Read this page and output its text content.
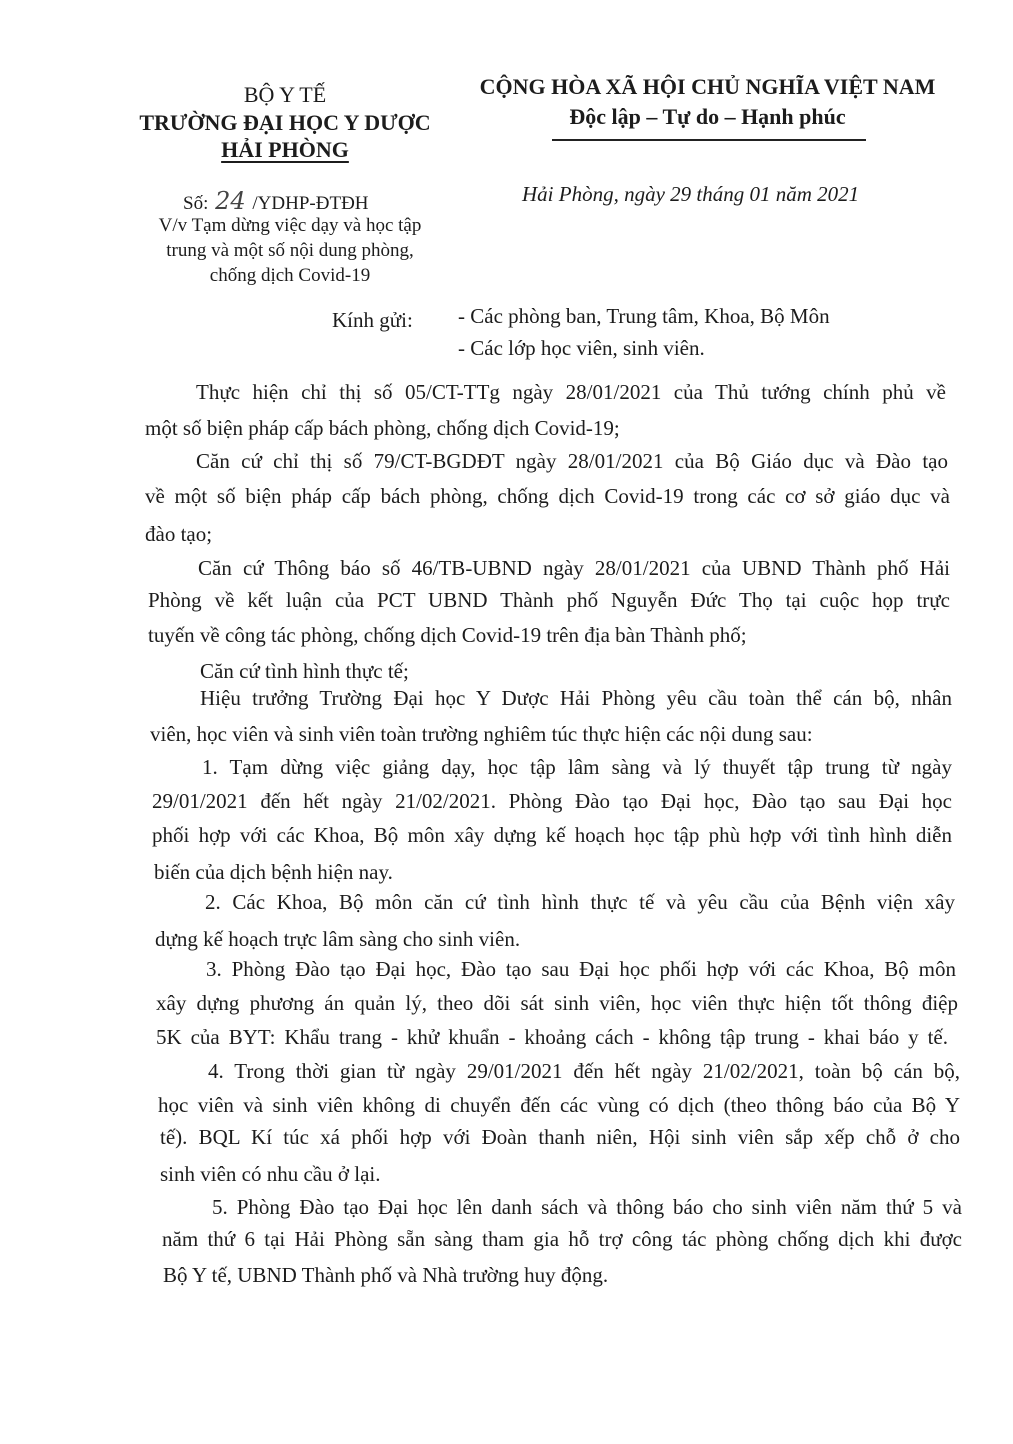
BỘ Y TẾ
TRƯỜNG ĐẠI HỌC Y DƯỢC
HẢI PHÒNG
Số: 24 /YDHP-ĐTĐH
V/v Tạm dừng việc dạy và học tập
trung và một số nội dung phòng,
chống dịch Covid-19
CỘNG HÒA XÃ HỘI CHỦ NGHĨA VIỆT NAM
Độc lập – Tự do – Hạnh phúc
Hải Phòng, ngày 29 tháng 01 năm 2021
Kính gửi: - Các phòng ban, Trung tâm, Khoa, Bộ Môn
- Các lớp học viên, sinh viên.
Thực hiện chỉ thị số 05/CT-TTg ngày 28/01/2021 của Thủ tướng chính phủ về
một số biện pháp cấp bách phòng, chống dịch Covid-19;
Căn cứ chỉ thị số 79/CT-BGDĐT ngày 28/01/2021 của Bộ Giáo dục và Đào tạo
về một số biện pháp cấp bách phòng, chống dịch Covid-19 trong các cơ sở giáo dục và
đào tạo;
Căn cứ Thông báo số 46/TB-UBND ngày 28/01/2021 của UBND Thành phố Hải
Phòng về kết luận của PCT UBND Thành phố Nguyễn Đức Thọ tại cuộc họp trực
tuyến về công tác phòng, chống dịch Covid-19 trên địa bàn Thành phố;
Căn cứ tình hình thực tế;
Hiệu trưởng Trường Đại học Y Dược Hải Phòng yêu cầu toàn thể cán bộ, nhân
viên, học viên và sinh viên toàn trường nghiêm túc thực hiện các nội dung sau:
1. Tạm dừng việc giảng dạy, học tập lâm sàng và lý thuyết tập trung từ ngày
29/01/2021 đến hết ngày 21/02/2021. Phòng Đào tạo Đại học, Đào tạo sau Đại học
phối hợp với các Khoa, Bộ môn xây dựng kế hoạch học tập phù hợp với tình hình diễn
biến của dịch bệnh hiện nay.
2. Các Khoa, Bộ môn căn cứ tình hình thực tế và yêu cầu của Bệnh viện xây
dựng kế hoạch trực lâm sàng cho sinh viên.
3. Phòng Đào tạo Đại học, Đào tạo sau Đại học phối hợp với các Khoa, Bộ môn
xây dựng phương án quản lý, theo dõi sát sinh viên, học viên thực hiện tốt thông điệp
5K của BYT: Khẩu trang - khử khuẩn - khoảng cách - không tập trung - khai báo y tế.
4. Trong thời gian từ ngày 29/01/2021 đến hết ngày 21/02/2021, toàn bộ cán bộ,
học viên và sinh viên không di chuyển đến các vùng có dịch (theo thông báo của Bộ Y
tế). BQL Kí túc xá phối hợp với Đoàn thanh niên, Hội sinh viên sắp xếp chỗ ở cho
sinh viên có nhu cầu ở lại.
5. Phòng Đào tạo Đại học lên danh sách và thông báo cho sinh viên năm thứ 5 và
năm thứ 6 tại Hải Phòng sẵn sàng tham gia hỗ trợ công tác phòng chống dịch khi được
Bộ Y tế, UBND Thành phố và Nhà trường huy động.
